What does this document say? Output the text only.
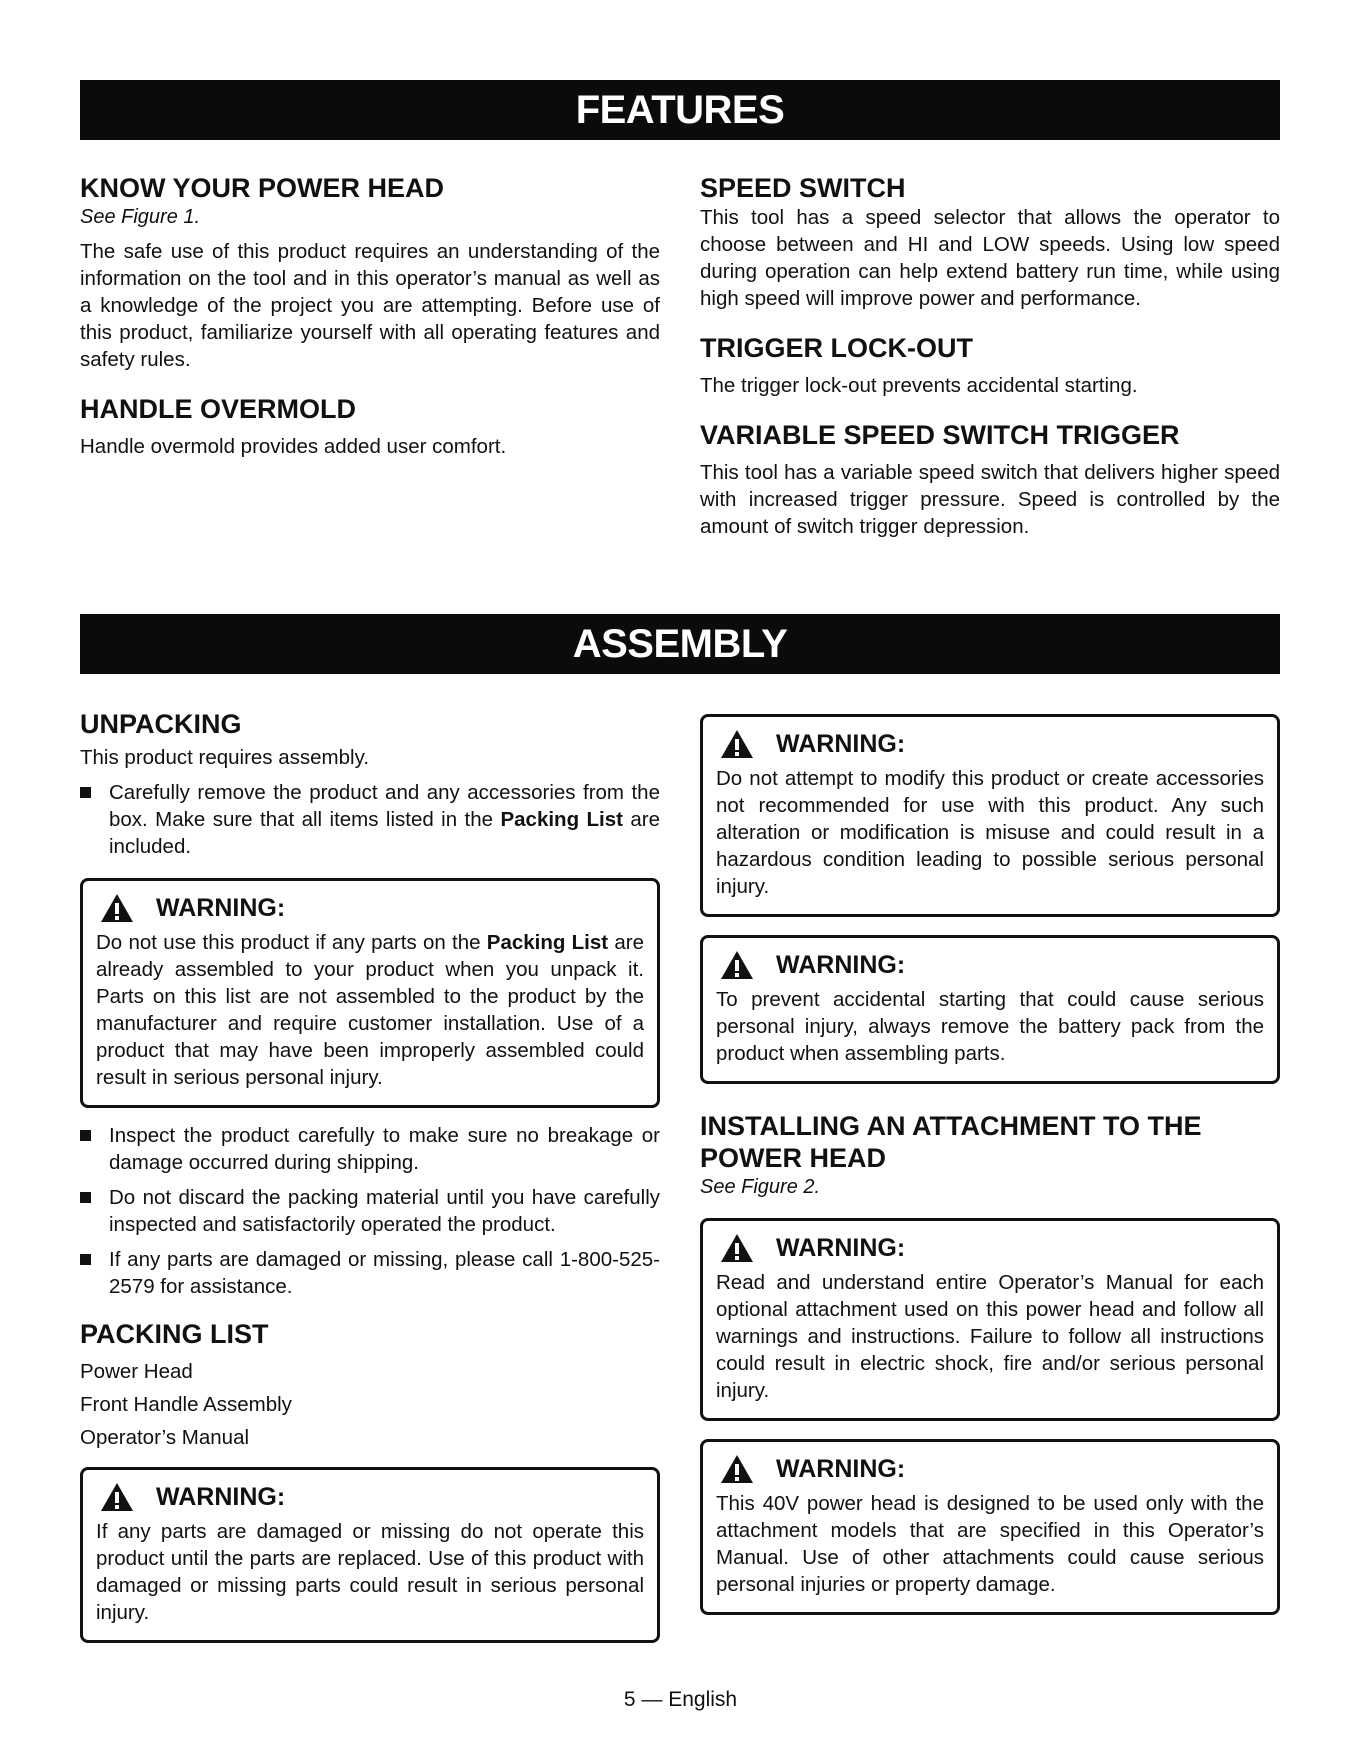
FEATURES
KNOW YOUR POWER HEAD
See Figure 1.

The safe use of this product requires an understanding of the information on the tool and in this operator’s manual as well as a knowledge of the project you are attempting. Before use of this product, familiarize yourself with all operating features and safety rules.

HANDLE OVERMOLD

Handle overmold provides added user comfort.

SPEED SWITCH

This tool has a speed selector that allows the operator to choose between and HI and LOW speeds. Using low speed during operation can help extend battery run time, while using high speed will improve power and performance.

TRIGGER LOCK-OUT

The trigger lock-out prevents accidental starting.

VARIABLE SPEED SWITCH TRIGGER

This tool has a variable speed switch that delivers higher speed with increased trigger pressure. Speed is controlled by the amount of switch trigger depression.

ASSEMBLY
UNPACKING

This product requires assembly.

Carefully remove the product and any accessories from the box. Make sure that all items listed in the Packing List are included.
WARNING:

Do not use this product if any parts on the Packing List are already assembled to your product when you unpack it. Parts on this list are not assembled to the product by the manufacturer and require customer installation. Use of a product that may have been improperly assembled could result in serious personal injury.

Inspect the product carefully to make sure no breakage or damage occurred during shipping.
Do not discard the packing material until you have carefully inspected and satisfactorily operated the product.
If any parts are damaged or missing, please call 1-800-525-2579 for assistance.
PACKING LIST
Power Head
Front Handle Assembly
Operator’s Manual
WARNING:

If any parts are damaged or missing do not operate this product until the parts are replaced. Use of this product with damaged or missing parts could result in serious personal injury.

WARNING:

Do not attempt to modify this product or create accessories not recommended for use with this product. Any such alteration or modification is misuse and could result in a hazardous condition leading to possible serious personal injury.

WARNING:

To prevent accidental starting that could cause serious personal injury, always remove the battery pack from the product when assembling parts.

INSTALLING AN ATTACHMENT TO THE
POWER HEAD
See Figure 2.
WARNING:

Read and understand entire Operator’s Manual for each optional attachment used on this power head and follow all warnings and instructions. Failure to follow all instructions could result in electric shock, fire and/or serious personal injury.

WARNING:

This 40V power head is designed to be used only with the attachment models that are specified in this Operator’s Manual. Use of other attachments could cause serious personal injuries or property damage.

5 — English
